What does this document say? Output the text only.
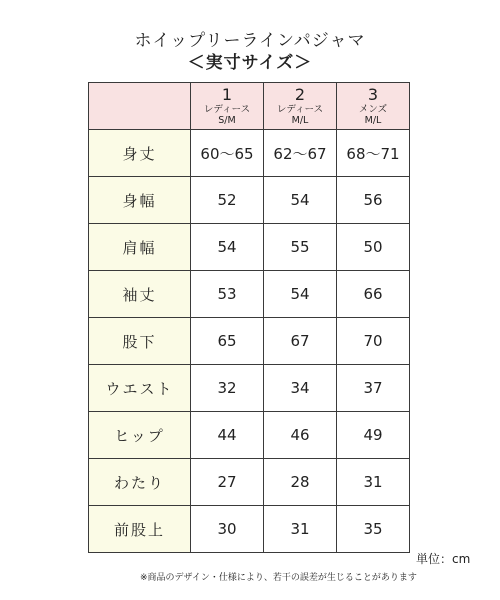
ホイップリーラインパジャマ
＜実寸サイズ＞

	1
レディース
S/M	2
レディース
M/L	3
メンズ
M/L

身丈	60〜65	62〜67	68〜71
身幅	52	54	56
肩幅	54	55	50
袖丈	53	54	66
股下	65	67	70
ウエスト	32	34	37
ヒップ	44	46	49
わたり	27	28	31
前股上	30	31	35

単位：cm

※商品のデザイン・仕様により、若干の誤差が生じることがあります
